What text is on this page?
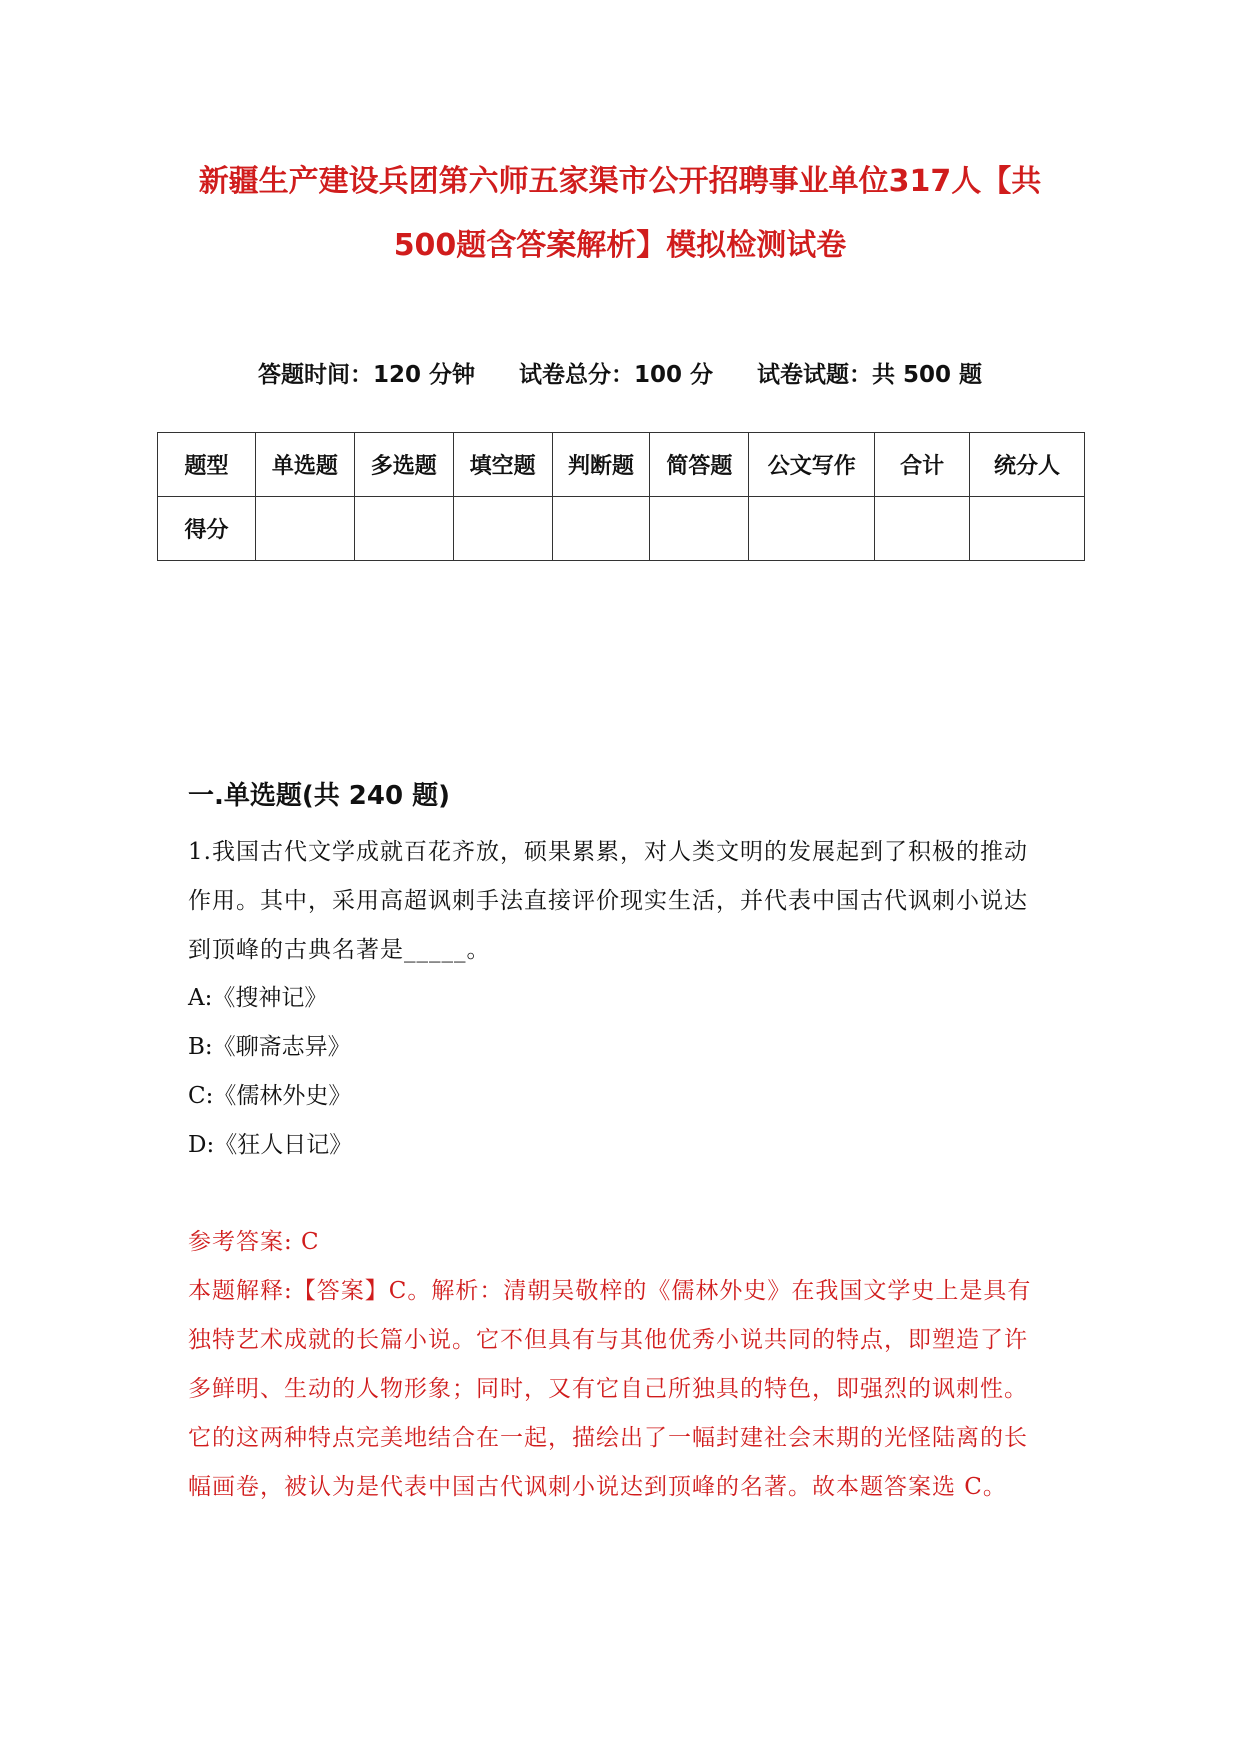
新疆生产建设兵团第六师五家渠市公开招聘事业单位317人【共
500题含答案解析】模拟检测试卷
答题时间：120 分钟 试卷总分：100 分 试卷试题：共 500 题
题型	单选题	多选题	填空题	判断题	简答题	公文写作	合计	统分人
得分								
一.单选题(共 240 题)
1.我国古代文学成就百花齐放，硕果累累，对人类文明的发展起到了积极的推动作用。其中，采用高超讽刺手法直接评价现实生活，并代表中国古代讽刺小说达到顶峰的古典名著是_____。
A:《搜神记》
B:《聊斋志异》
C:《儒林外史》
D:《狂人日记》
参考答案: C
本题解释:【答案】C。解析：清朝吴敬梓的《儒林外史》在我国文学史上是具有独特艺术成就的长篇小说。它不但具有与其他优秀小说共同的特点，即塑造了许多鲜明、生动的人物形象；同时，又有它自己所独具的特色，即强烈的讽刺性。它的这两种特点完美地结合在一起，描绘出了一幅封建社会末期的光怪陆离的长幅画卷，被认为是代表中国古代讽刺小说达到顶峰的名著。故本题答案选 C。
